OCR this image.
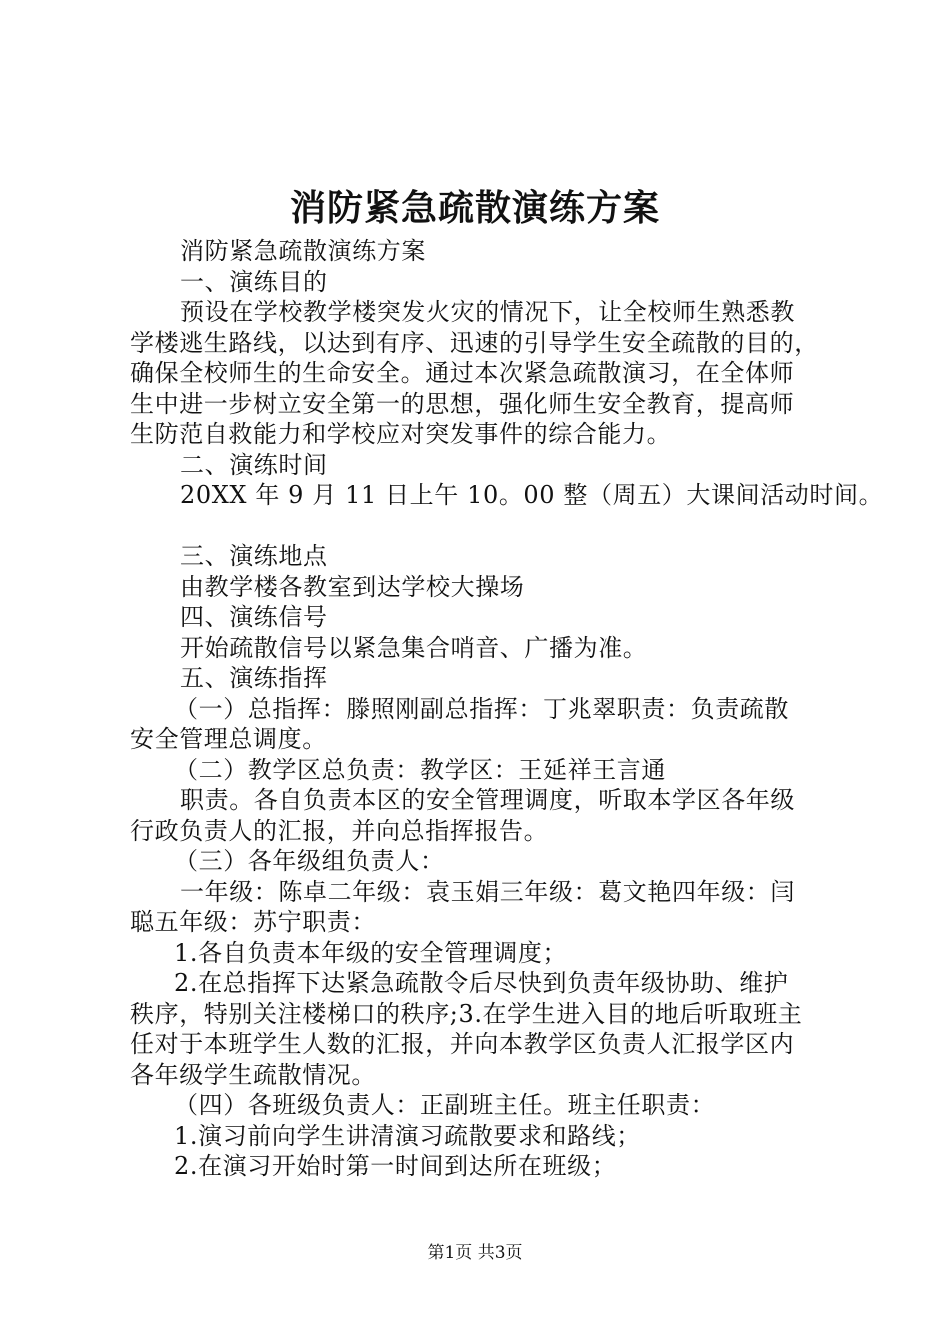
消防紧急疏散演练方案
消防紧急疏散演练方案
一、演练目的
预设在学校教学楼突发火灾的情况下，让全校师生熟悉教
学楼逃生路线，以达到有序、迅速的引导学生安全疏散的目的，
确保全校师生的生命安全。通过本次紧急疏散演习，在全体师
生中进一步树立安全第一的思想，强化师生安全教育，提高师
生防范自救能力和学校应对突发事件的综合能力。
二、演练时间
20XX 年 9 月 11 日上午 10。00 整（周五）大课间活动时间。
三、演练地点
由教学楼各教室到达学校大操场
四、演练信号
开始疏散信号以紧急集合哨音、广播为准。
五、演练指挥
（一）总指挥：滕照刚副总指挥：丁兆翠职责：负责疏散
安全管理总调度。
（二）教学区总负责：教学区：王延祥王言通
职责。各自负责本区的安全管理调度，听取本学区各年级
行政负责人的汇报，并向总指挥报告。
（三）各年级组负责人：
一年级：陈卓二年级：袁玉娟三年级：葛文艳四年级：闫
聪五年级：苏宁职责：
1.各自负责本年级的安全管理调度；
2.在总指挥下达紧急疏散令后尽快到负责年级协助、维护
秩序，特别关注楼梯口的秩序;3.在学生进入目的地后听取班主
任对于本班学生人数的汇报，并向本教学区负责人汇报学区内
各年级学生疏散情况。
（四）各班级负责人：正副班主任。班主任职责：
1.演习前向学生讲清演习疏散要求和路线；
2.在演习开始时第一时间到达所在班级；
第1页 共3页
